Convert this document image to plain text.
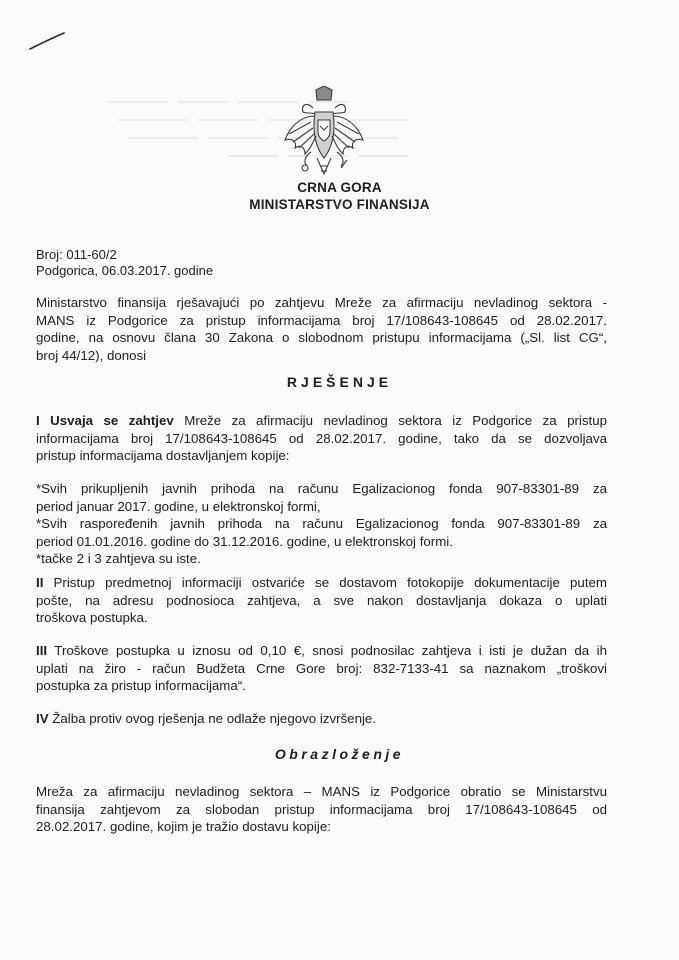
CRNA GORA
MINISTARSTVO FINANSIJA
Broj: 011-60/2
Podgorica, 06.03.2017. godine
Ministarstvo finansija rješavajući po zahtjevu Mreže za afirmaciju nevladinog sektora -
MANS iz Podgorice za pristup informacijama broj 17/108643-108645 od 28.02.2017.
godine, na osnovu člana 30 Zakona o slobodnom pristupu informacijama („Sl. list CG“,
broj 44/12), donosi
RJEŠENJE
I Usvaja se zahtjev Mreže za afirmaciju nevladinog sektora iz Podgorice za pristup
informacijama broj 17/108643-108645 od 28.02.2017. godine, tako da se dozvoljava
pristup informacijama dostavljanjem kopije:
*Svih prikupljenih javnih prihoda na računu Egalizacionog fonda 907-83301-89 za
period januar 2017. godine, u elektronskoj formi,
*Svih raspoređenih javnih prihoda na računu Egalizacionog fonda 907-83301-89 za
period 01.01.2016. godine do 31.12.2016. godine, u elektronskoj formi.
*tačke 2 i 3 zahtjeva su iste.
II Pristup predmetnoj informaciji ostvariće se dostavom fotokopije dokumentacije putem
pošte, na adresu podnosioca zahtjeva, a sve nakon dostavljanja dokaza o uplati
troškova postupka.
III Troškove postupka u iznosu od 0,10 €, snosi podnosilac zahtjeva i isti je dužan da ih
uplati na žiro - račun Budžeta Crne Gore broj: 832-7133-41 sa naznakom „troškovi
postupka za pristup informacijama“.
IV Žalba protiv ovog rješenja ne odlaže njegovo izvršenje.
Obrazloženje
Mreža za afirmaciju nevladinog sektora – MANS iz Podgorice obratio se Ministarstvu
finansija zahtjevom za slobodan pristup informacijama broj 17/108643-108645 od
28.02.2017. godine, kojim je tražio dostavu kopije:
